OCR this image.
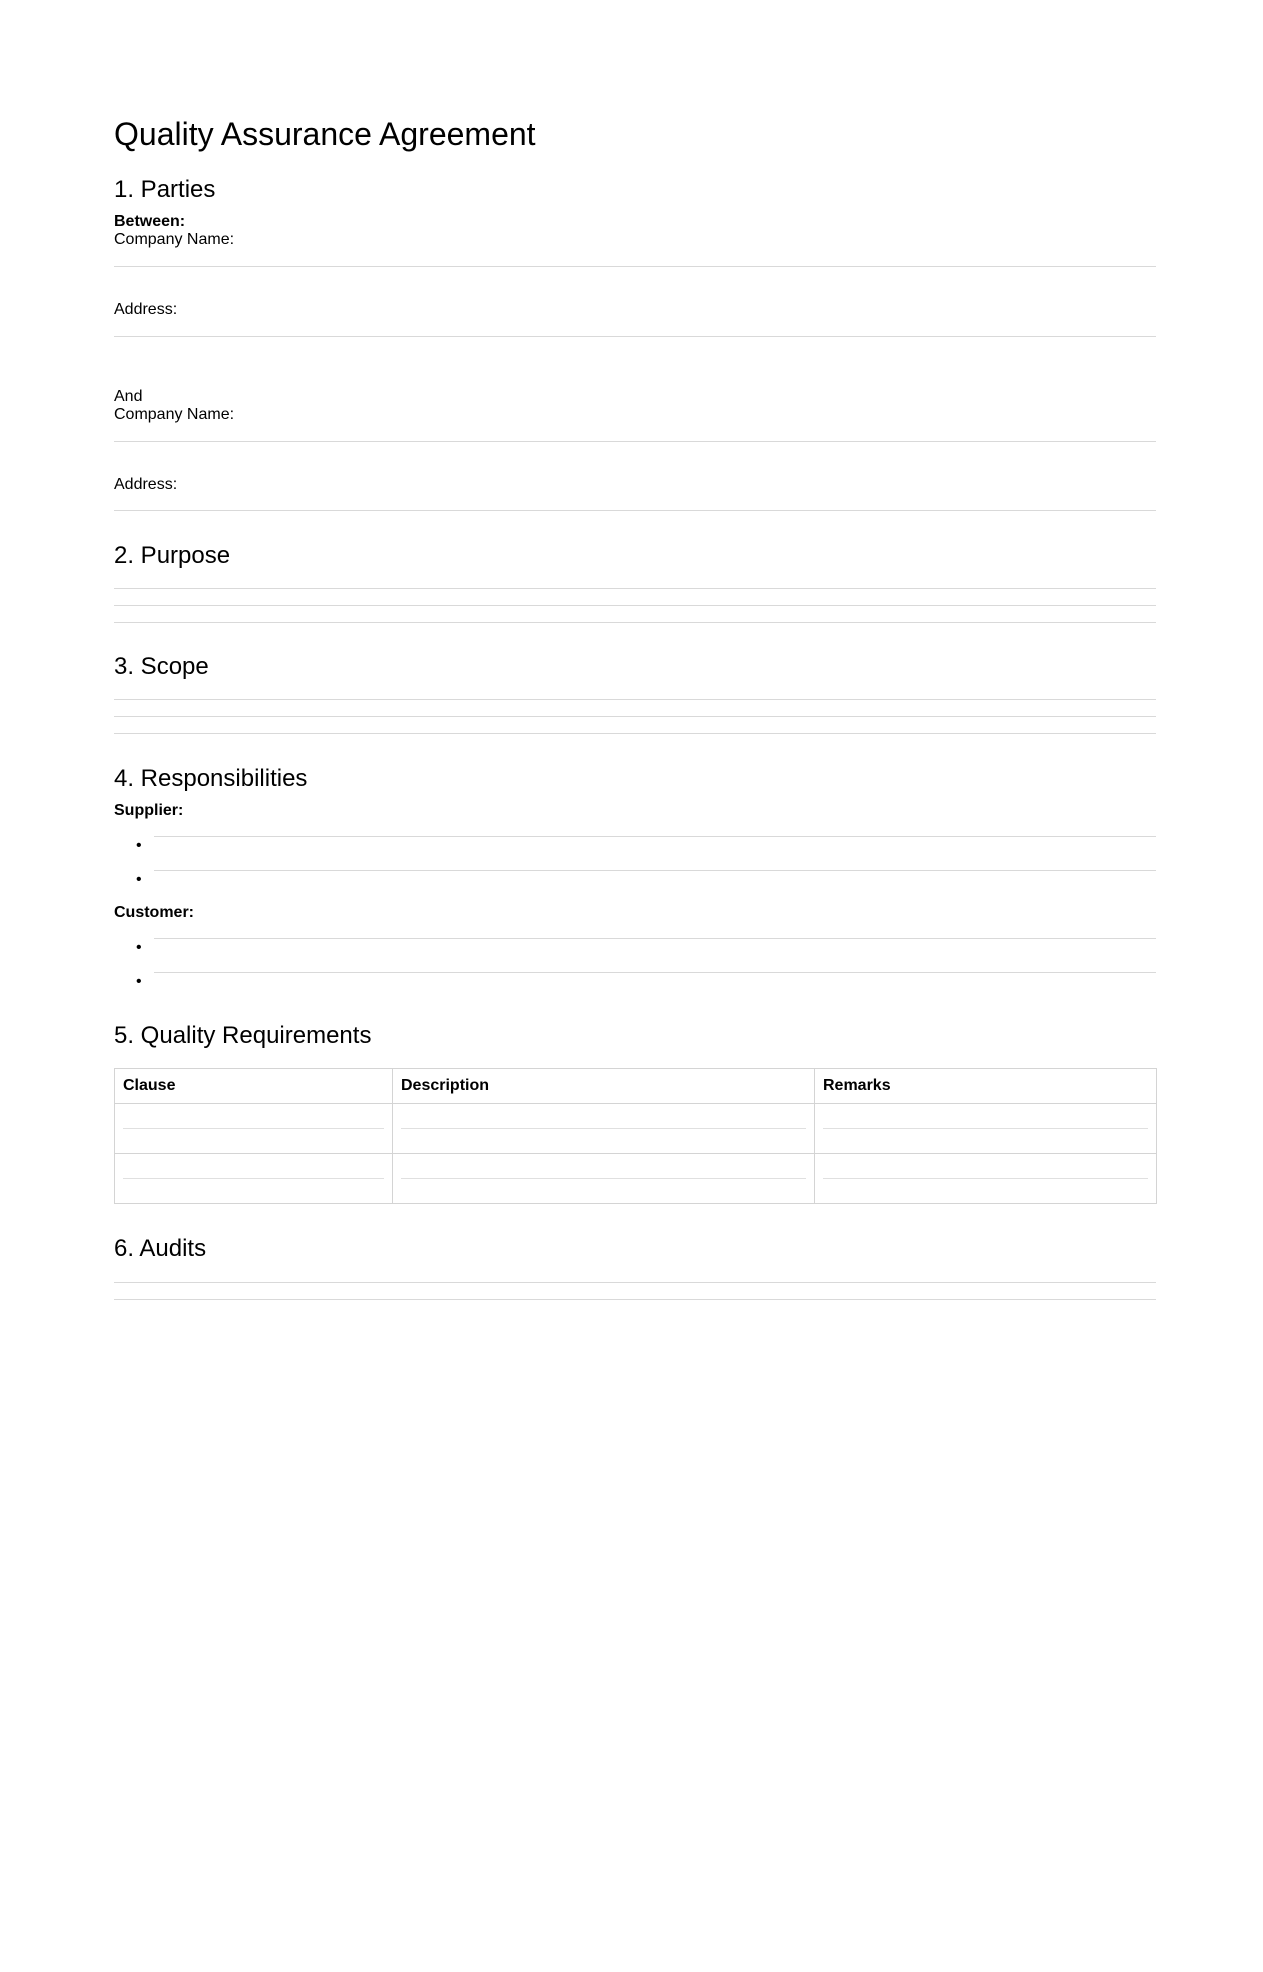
Quality Assurance Agreement
1. Parties
Between:
Company Name:
Address:
And
Company Name:
Address:
2. Purpose
3. Scope
4. Responsibilities
Supplier:
•
•
Customer:
•
•
5. Quality Requirements
Clause	Description	Remarks

6. Audits
